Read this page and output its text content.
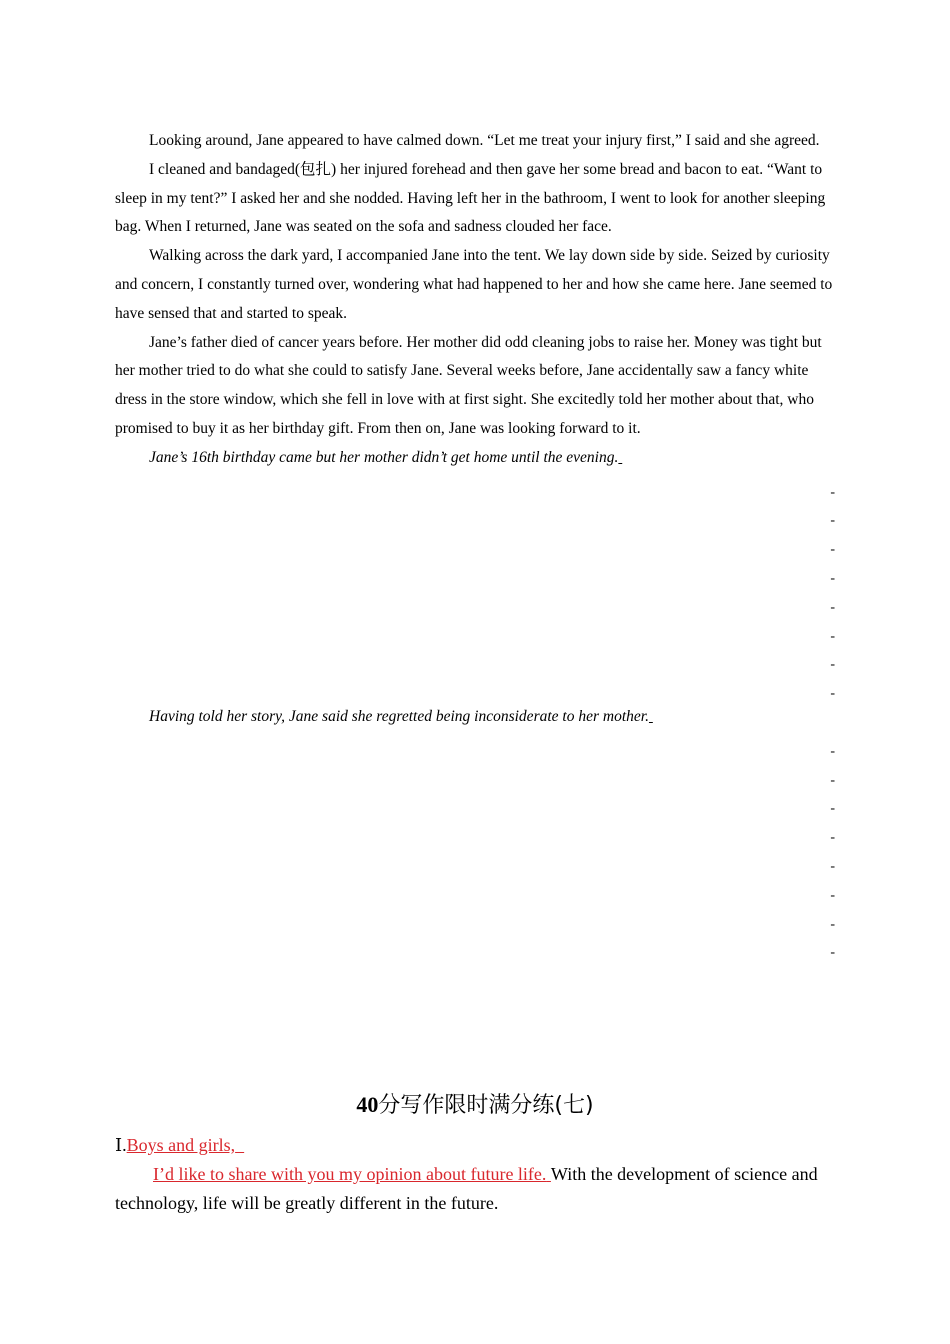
Looking around, Jane appeared to have calmed down. “Let me treat your injury first,” I said and she agreed.

I cleaned and bandaged(包扎) her injured forehead and then gave her some bread and bacon to eat. “Want to sleep in my tent?” I asked her and she nodded. Having left her in the bathroom, I went to look for another sleeping bag. When I returned, Jane was seated on the sofa and sadness clouded her face.

Walking across the dark yard, I accompanied Jane into the tent. We lay down side by side. Seized by curiosity and concern, I constantly turned over, wondering what had happened to her and how she came here. Jane seemed to have sensed that and started to speak.

Jane’s father died of cancer years before. Her mother did odd cleaning jobs to raise her. Money was tight but her mother tried to do what she could to satisfy Jane. Several weeks before, Jane accidentally saw a fancy white dress in the store window, which she fell in love with at first sight. She excitedly told her mother about that, who promised to buy it as her birthday gift. From then on, Jane was looking forward to it.

Jane’s 16th birthday came but her mother didn’t get home until the evening.

-
-
-
-
-
-
-
-

Having told her story, Jane said she regretted being inconsiderate to her mother.

-
-
-
-
-
-
-
-
40分写作限时满分练(七)

Ⅰ.Boys and girls,

I’d like to share with you my opinion about future life. With the development of science and technology, life will be greatly different in the future.
